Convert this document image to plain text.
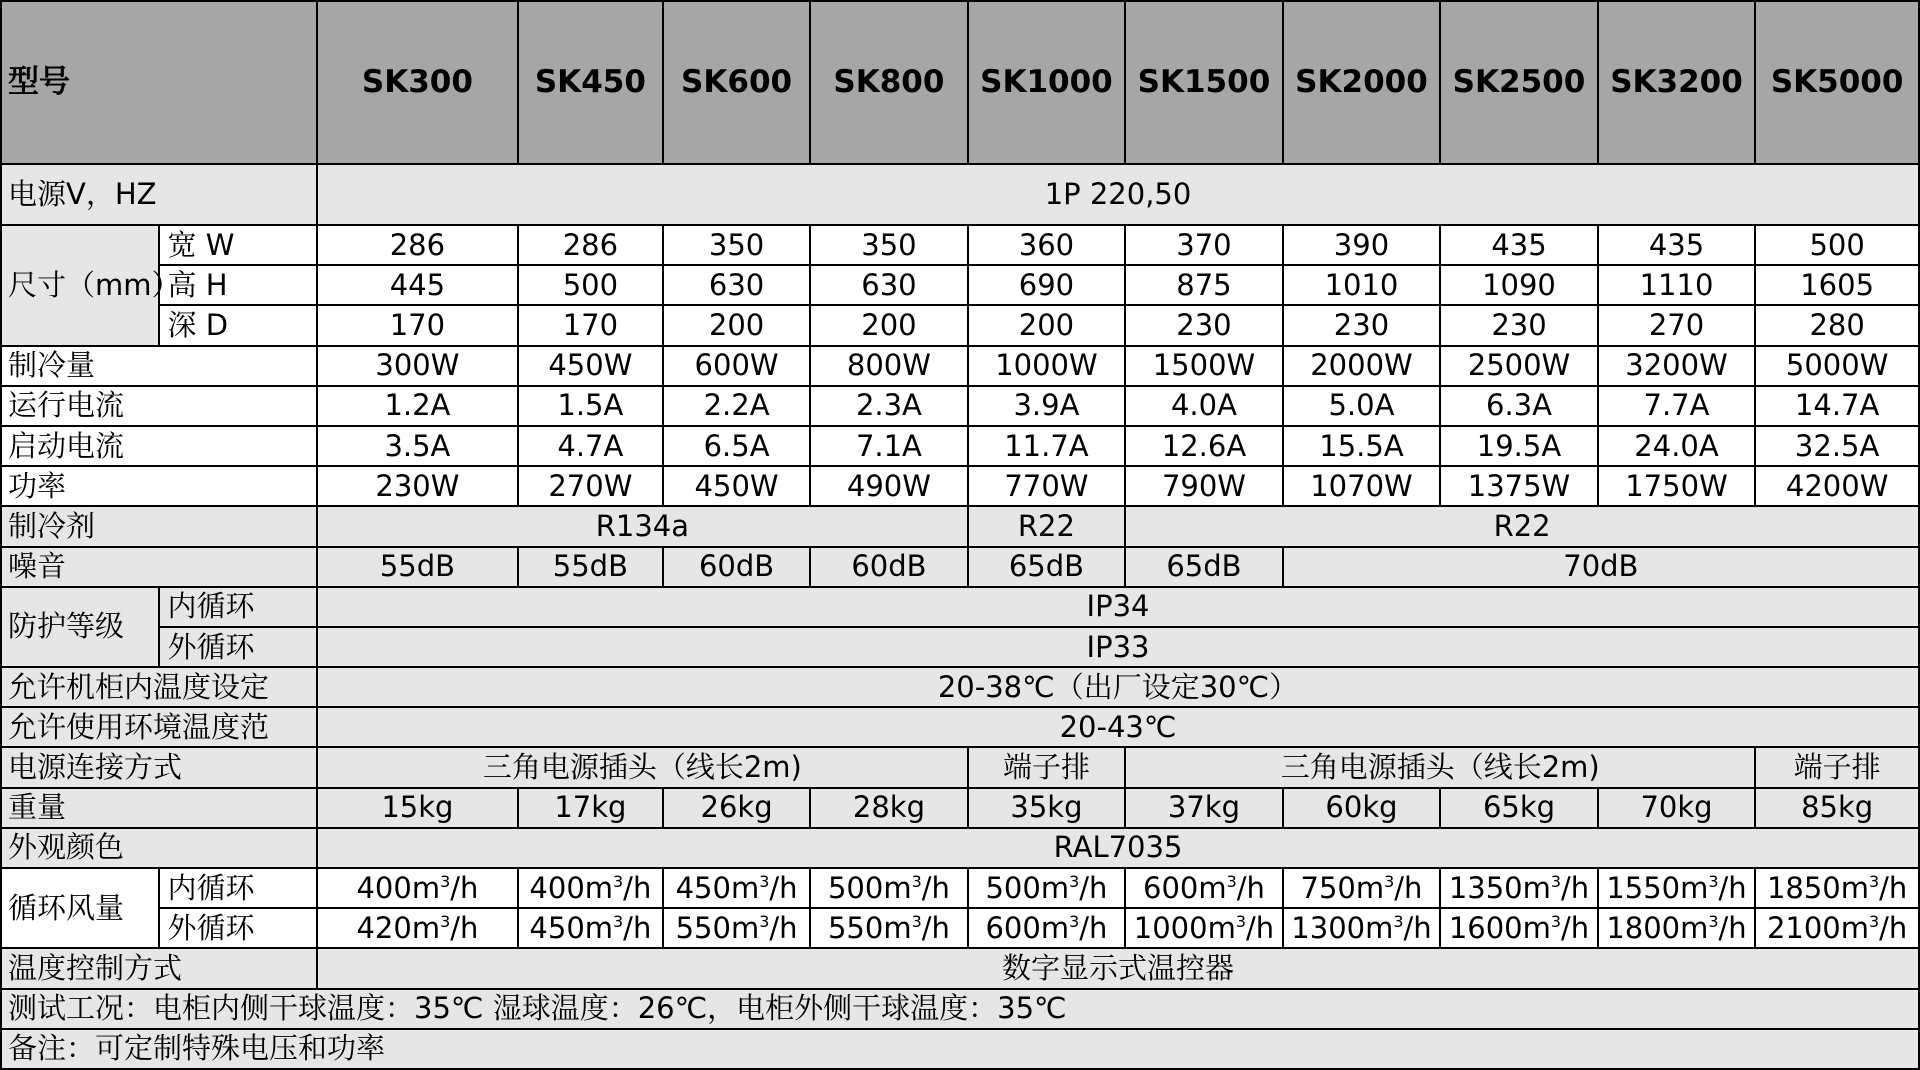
型号		SK300	SK450	SK600	SK800	SK1000	SK1500	SK2000	SK2500	SK3200	SK5000
电源V，HZ		1P 220,50									
尺寸（mm）	宽 W	286	286	350	350	360	370	390	435	435	500
	高 H	445	500	630	630	690	875	1010	1090	1110	1605
	深 D	170	170	200	200	200	230	230	230	270	280
制冷量		300W	450W	600W	800W	1000W	1500W	2000W	2500W	3200W	5000W
运行电流		1.2A	1.5A	2.2A	2.3A	3.9A	4.0A	5.0A	6.3A	7.7A	14.7A
启动电流		3.5A	4.7A	6.5A	7.1A	11.7A	12.6A	15.5A	19.5A	24.0A	32.5A
功率		230W	270W	450W	490W	770W	790W	1070W	1375W	1750W	4200W
制冷剂		R134a				R22	R22				
噪音		55dB	55dB	60dB	60dB	65dB	65dB	70dB			
防护等级	内循环	IP34									
	外循环	IP33									
允许机柜内温度设定		20-38℃（出厂设定30℃）									
允许使用环境温度范		20-43℃									
电源连接方式		三角电源插头（线长2m)				端子排	三角电源插头（线长2m)				端子排
重量		15kg	17kg	26kg	28kg	35kg	37kg	60kg	65kg	70kg	85kg
外观颜色		RAL7035									
循环风量	内循环	$400m^3/h$	$400m^3/h$	$450m^3/h$	$500m^3/h$	$500m^3/h$	$600m^3/h$	$750m^3/h$	$1350m^3/h$	$1550m^3/h$	$1850m^3/h$
	外循环	$420m^3/h$	$450m^3/h$	$550m^3/h$	$550m^3/h$	$600m^3/h$	$1000m^3/h$	$1300m^3/h$	$1600m^3/h$	$1800m^3/h$	$2100m^3/h$
温度控制方式		数字显示式温控器									
测试工况：电柜内侧干球温度：35℃ 湿球温度：26℃，电柜外侧干球温度：35℃											
备注：可定制特殊电压和功率											
